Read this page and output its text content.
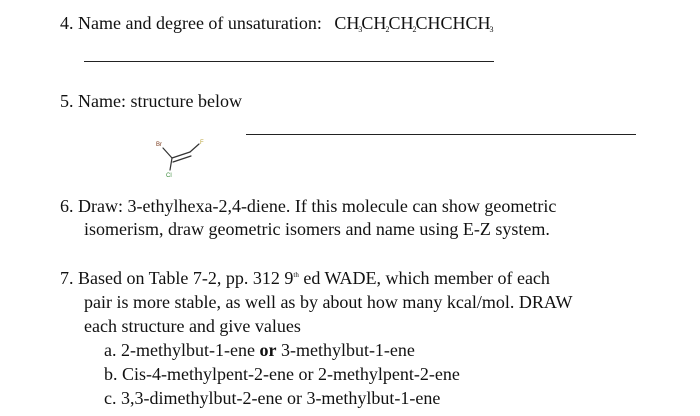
4. Name and degree of unsaturation: $CH_3CH_2CH_2CHCHCH_3$
5. Name: structure below
Br	F
Cl
6. Draw: 3-ethylhexa-2,4-diene. If this molecule can show geometric
isomerism, draw geometric isomers and name using E-Z system.
7. Based on Table 7-2, pp. 312 9th ed WADE, which member of each
pair is more stable, as well as by about how many kcal/mol. DRAW
each structure and give values
a. 2-methylbut-1-ene or 3-methylbut-1-ene
b. Cis-4-methylpent-2-ene or 2-methylpent-2-ene
c. 3,3-dimethylbut-2-ene or 3-methylbut-1-ene
